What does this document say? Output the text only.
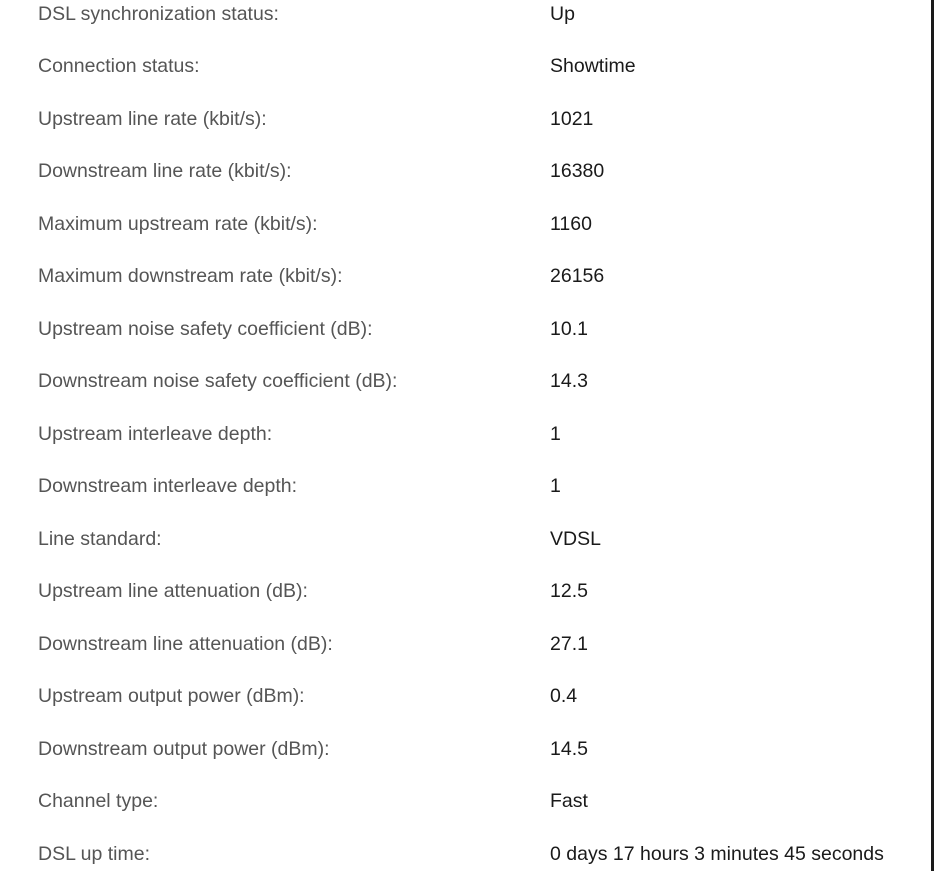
DSL synchronization status:	Up
Connection status:	Showtime
Upstream line rate (kbit/s):	1021
Downstream line rate (kbit/s):	16380
Maximum upstream rate (kbit/s):	1160
Maximum downstream rate (kbit/s):	26156
Upstream noise safety coefficient (dB):	10.1
Downstream noise safety coefficient (dB):	14.3
Upstream interleave depth:	1
Downstream interleave depth:	1
Line standard:	VDSL
Upstream line attenuation (dB):	12.5
Downstream line attenuation (dB):	27.1
Upstream output power (dBm):	0.4
Downstream output power (dBm):	14.5
Channel type:	Fast
DSL up time:	0 days 17 hours 3 minutes 45 seconds
